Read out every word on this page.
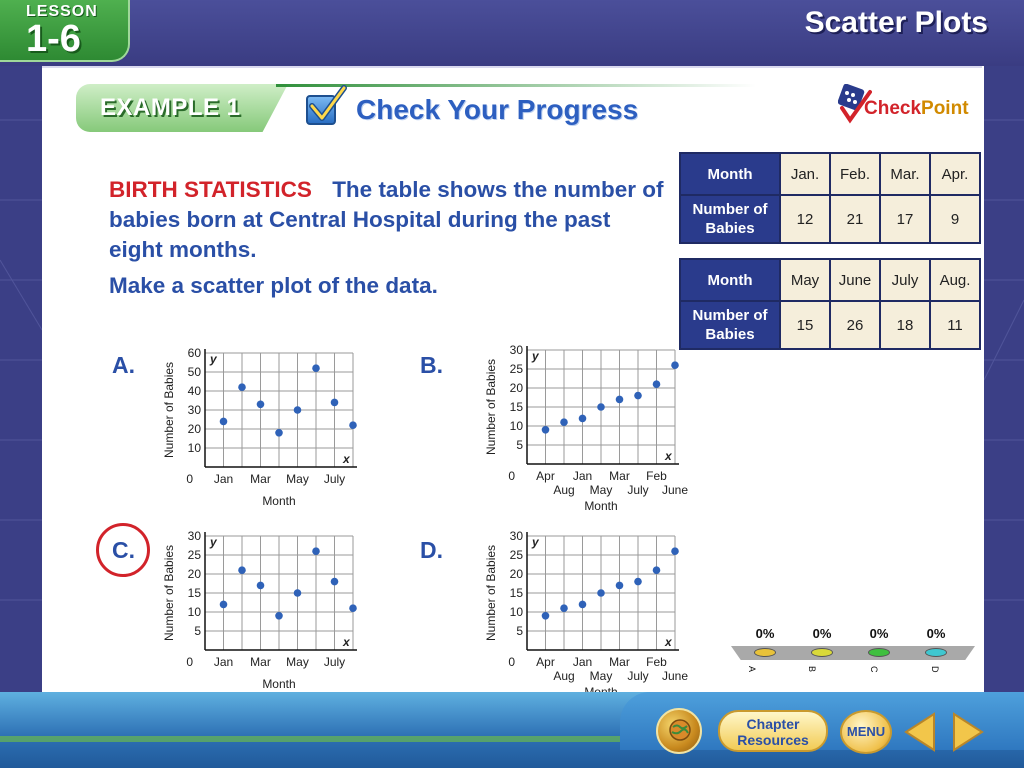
LESSON
1-6	Scatter Plots
EXAMPLE 1	Check Your Progress	CheckPoint
BIRTH STATISTICS The table shows the number of babies born at Central Hospital during the past eight months.
Make a scatter plot of the data.
Month	Jan.	Feb.	Mar.	Apr.
Number of Babies	12	21	17	9
Month	May	June	July	Aug.
Number of Babies	15	26	18	11
A.	B.
C.	D.
y
x
10
20
30
40
50
60
0 Jan Mar May July
Month
Number of Babies
y
x
5
10
15
20
25
30
0 Apr Jan Mar Feb
Aug May July June
Month
Number of Babies
y
x
5
10
15
20
25
30
0 Jan Mar May July
Month
Number of Babies
y
x
5
10
15
20
25
30
0 Apr Jan Mar Feb
Aug May July June
Number of Babies	0%	0%	0%	0%
A	B	C	D
Chapter Resources
MENU
